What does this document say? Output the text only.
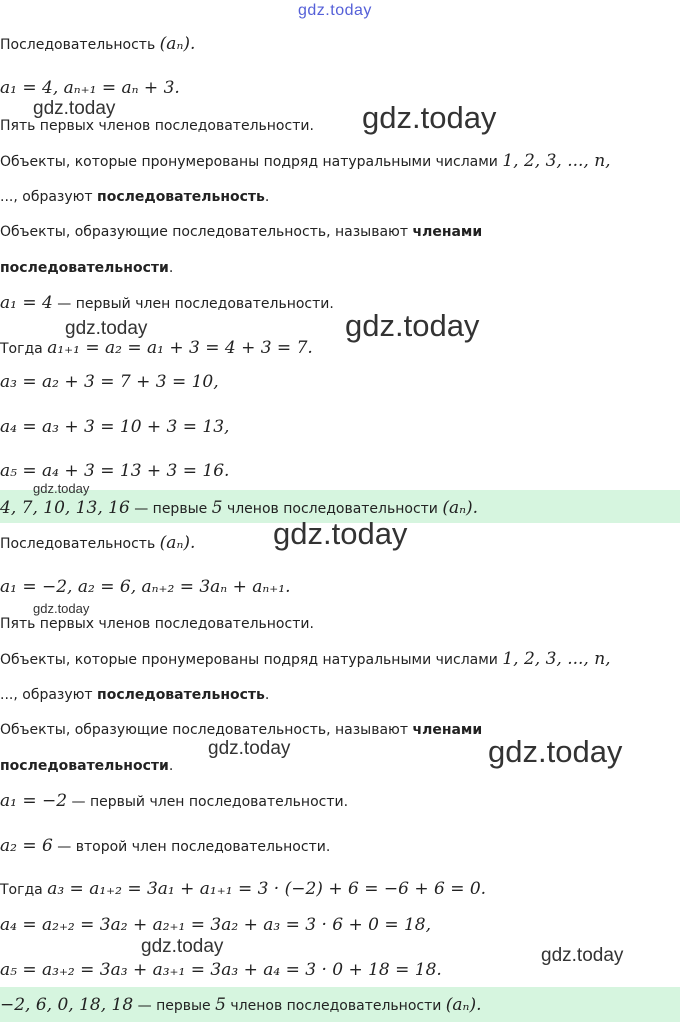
gdz.today
Последовательность (aₙ).
a₁ = 4, aₙ₊₁ = aₙ + 3.
gdz.today
Пять первых членов последовательности. gdz.today
Объекты, которые пронумерованы подряд натуральными числами 1, 2, 3, ..., n,
..., образуют последовательность.
Объекты, образующие последовательность, называют членами
последовательности.
a₁ = 4 — первый член последовательности.
gdz.today	gdz.today
Тогда a₁₊₁ = a₂ = a₁ + 3 = 4 + 3 = 7.
a₃ = a₂ + 3 = 7 + 3 = 10,
a₄ = a₃ + 3 = 10 + 3 = 13,
a₅ = a₄ + 3 = 13 + 3 = 16.
gdz.today
4, 7, 10, 13, 16 — первые 5 членов последовательности (aₙ).
Последовательность (aₙ).	gdz.today
a₁ = −2, a₂ = 6, aₙ₊₂ = 3aₙ + aₙ₊₁.
gdz.today
Пять первых членов последовательности.
Объекты, которые пронумерованы подряд натуральными числами 1, 2, 3, ..., n,
..., образуют последовательность.
Объекты, образующие последовательность, называют членами
gdz.today	gdz.today
последовательности.
a₁ = −2 — первый член последовательности.
a₂ = 6 — второй член последовательности.
Тогда a₃ = a₁₊₂ = 3a₁ + a₁₊₁ = 3 · (−2) + 6 = −6 + 6 = 0.
a₄ = a₂₊₂ = 3a₂ + a₂₊₁ = 3a₂ + a₃ = 3 · 6 + 0 = 18,
gdz.today	gdz.today
a₅ = a₃₊₂ = 3a₃ + a₃₊₁ = 3a₃ + a₄ = 3 · 0 + 18 = 18.
−2, 6, 0, 18, 18 — первые 5 членов последовательности (aₙ).
